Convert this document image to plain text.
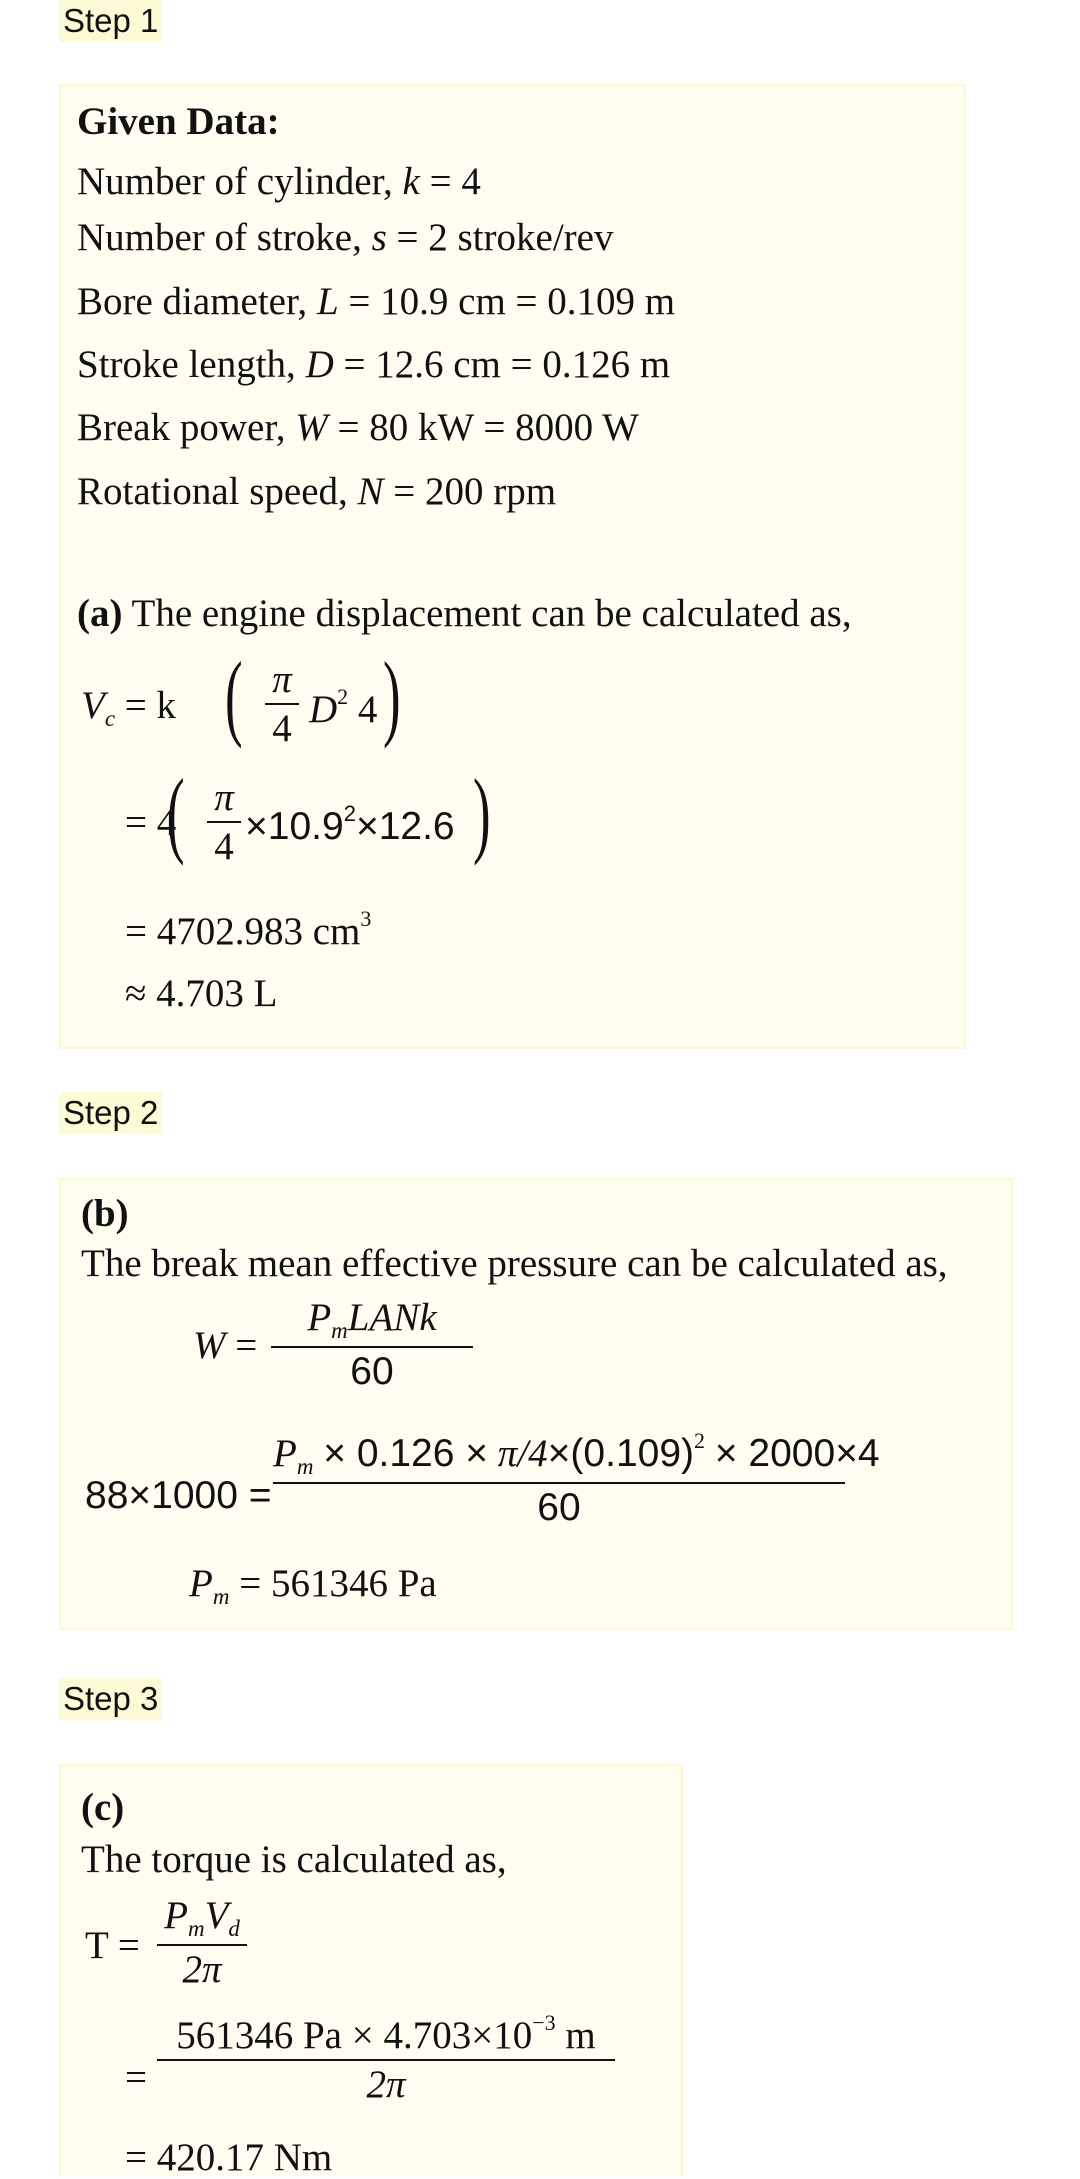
Step 1
Given Data:
Number of cylinder, k = 4
Number of stroke, s = 2 stroke/rev
Bore diameter, L = 10.9 cm = 0.109 m
Stroke length, D = 12.6 cm = 0.126 m
Break power, W = 80 kW = 8000 W
Rotational speed, N = 200 rpm
(a) The engine displacement can be calculated as,
$V_c = k$ ( π
4 $D^2$ 4 )
= 4
( π
$4 \times 10.9^2\times 12.6$ )
= 4702.983 $cm^3$
≈ 4.703 L
Step 2
(b)
The break mean effective pressure can be calculated as,
W =
$P_mLANk$
60
88×1000 =
$P_m \times 0.126 \times \pi/4\times(0.109)^2 \times 2000\times 4$
60
$P_m = 561346$ Pa
Step 3
(c)
The torque is calculated as,
T =
$P_mV_d$
2π
=
561346 $Pa \times 4.703\times 10^{-3}$ m
2π
= 420.17 Nm
